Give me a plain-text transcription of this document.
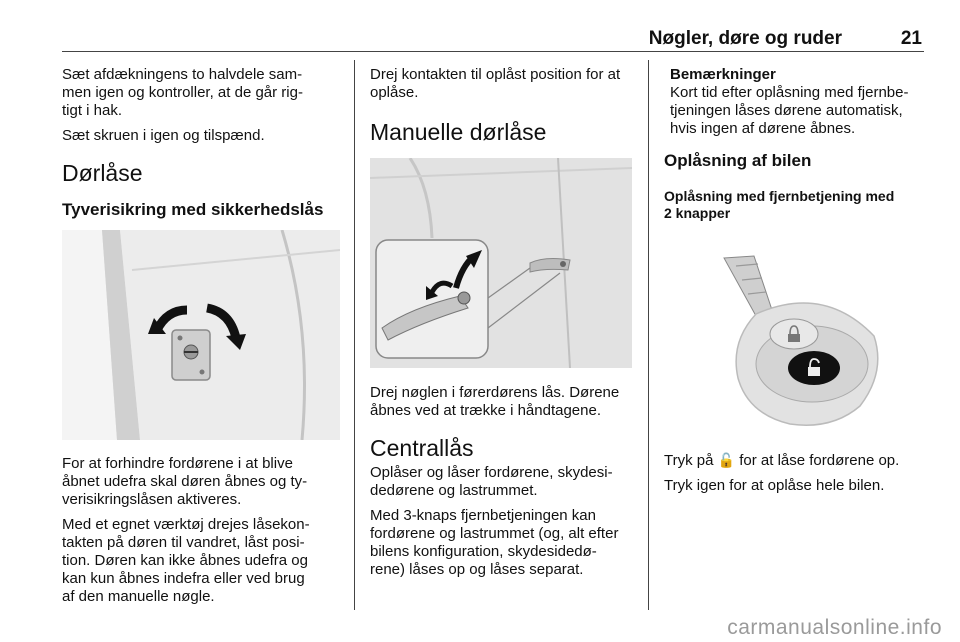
Nøgler, døre og ruder	21

Sæt afdækningens to halvdele sam-
men igen og kontroller, at de går rig-
tigt i hak.

Sæt skruen i igen og tilspænd.

Dørlåse
Tyverisikring med sikkerhedslås

For at forhindre fordørene i at blive
åbnet udefra skal døren åbnes og ty-
verisikringslåsen aktiveres.

Med et egnet værktøj drejes låsekon-
takten på døren til vandret, låst posi-
tion. Døren kan ikke åbnes udefra og
kan kun åbnes indefra eller ved brug
af den manuelle nøgle.

Drej kontakten til oplåst position for at
oplåse.

Manuelle dørlåse

Drej nøglen i førerdørens lås. Dørene
åbnes ved at trække i håndtagene.

Centrallås

Oplåser og låser fordørene, skydesi-
dedørene og lastrummet.

Med 3-knaps fjernbetjeningen kan
fordørene og lastrummet (og, alt efter
bilens konfiguration, skydesidedø-
rene) låses op og låses separat.

Bemærkninger

Kort tid efter oplåsning med fjernbe-
tjeningen låses dørene automatisk,
hvis ingen af dørene åbnes.

Oplåsning af bilen
Oplåsning med fjernbetjening med
2 knapper

Tryk på 🔓 for at låse fordørene op.

Tryk igen for at oplåse hele bilen.

carmanualsonline.info
